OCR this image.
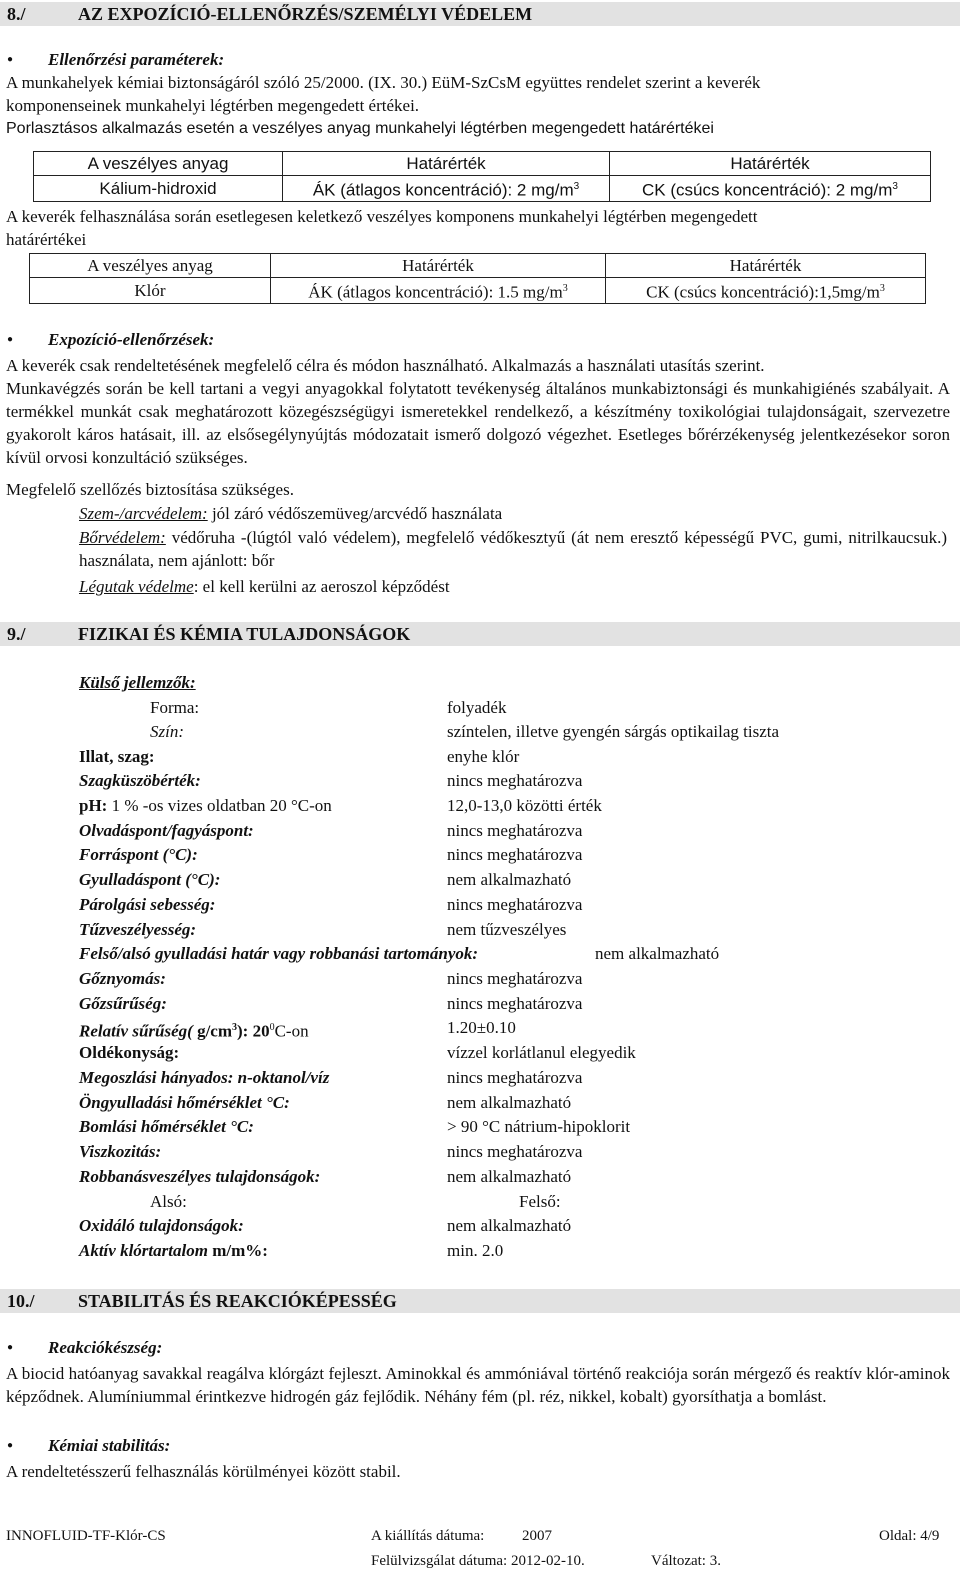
8./	AZ EXPOZÍCIÓ-ELLENŐRZÉS/SZEMÉLYI VÉDELEM
● Ellenőrzési paraméterek:
A munkahelyek kémiai biztonságáról szóló 25/2000. (IX. 30.) EüM-SzCsM együttes rendelet szerint a keverék
komponenseinek munkahelyi légtérben megengedett értékei.
Porlasztásos alkalmazás esetén a veszélyes anyag munkahelyi légtérben megengedett határértékei
A veszélyes anyag	Határérték	Határérték
Kálium-hidroxid	ÁK (átlagos koncentráció): 2 $mg/m^3$	CK (csúcs koncentráció): 2 $mg/m^3$
A keverék felhasználása során esetlegesen keletkező veszélyes komponens munkahelyi légtérben megengedett
határértékei
A veszélyes anyag	Határérték	Határérték
Klór	ÁK (átlagos koncentráció): 1.5 $mg/m^3$	CK (csúcs $koncentráció):1,5mg/m^3$
● Expozíció-ellenőrzések:
A keverék csak rendeltetésének megfelelő célra és módon használható. Alkalmazás a használati utasítás szerint.
Munkavégzés során be kell tartani a vegyi anyagokkal folytatott tevékenység általános munkabiztonsági és munkahigiénés szabályait. A termékkel munkát csak meghatározott közegészségügyi ismeretekkel rendelkező, a készítmény toxikológiai tulajdonságait, szervezetre gyakorolt káros hatásait, ill. az elsősegélynyújtás módozatait ismerő dolgozó végezhet. Esetleges bőrérzékenység jelentkezésekor soron kívül orvosi konzultáció szükséges.
Megfelelő szellőzés biztosítása szükséges.
Szem-/arcvédelem: jól záró védőszemüveg/arcvédő használata
Bőrvédelem: védőruha -(lúgtól való védelem), megfelelő védőkesztyű (át nem eresztő képességű PVC, gumi, nitrilkaucsuk.) használata, nem ajánlott: bőr
Légutak védelme: el kell kerülni az aeroszol képződést
9./	FIZIKAI ÉS KÉMIA TULAJDONSÁGOK
Külső jellemzők:
Forma:	folyadék
Szín:	színtelen, illetve gyengén sárgás optikailag tiszta
Illat, szag:	enyhe klór
Szagküszöbérték:	nincs meghatározva
pH: 1 % -os vizes oldatban 20 °C-on	12,0-13,0 közötti érték
Olvadáspont/fagyáspont:	nincs meghatározva
Forráspont (°C):	nincs meghatározva
Gyulladáspont (°C):	nem alkalmazható
Párolgási sebesség:	nincs meghatározva
Tűzveszélyesség:	nem tűzveszélyes
Felső/alsó gyulladási határ vagy robbanási tartományok:	nem alkalmazható
Gőznyomás:	nincs meghatározva
Gőzsűrűség:	nincs meghatározva
Relatív sűrűség( $g/cm^3$): $20^0C-on$	1.20±0.10
Oldékonyság:	vízzel korlátlanul elegyedik
Megoszlási hányados: n-oktanol/víz	nincs meghatározva
Öngyulladási hőmérséklet °C:	nem alkalmazható
Bomlási hőmérséklet °C:	> 90 °C nátrium-hipoklorit
Viszkozitás:	nincs meghatározva
Robbanásveszélyes tulajdonságok:	nem alkalmazható
Alsó:	Felső:
Oxidáló tulajdonságok:	nem alkalmazható
Aktív klórtartalom m/m%:	min. 2.0
10./ STABILITÁS ÉS REAKCIÓKÉPESSÉG
● Reakciókészség:
A biocid hatóanyag savakkal reagálva klórgázt fejleszt. Aminokkal és ammóniával történő reakciója során mérgező és reaktív klór-aminok képződnek. Alumíniummal érintkezve hidrogén gáz fejlődik. Néhány fém (pl. réz, nikkel, kobalt) gyorsíthatja a bomlást.
● Kémiai stabilitás:
A rendeltetésszerű felhasználás körülményei között stabil.
INNOFLUID-TF-Klór-CS	A kiállítás dátuma:	2007	Oldal: 4/9
Felülvizsgálat dátuma: 2012-02-10.	Változat: 3.
